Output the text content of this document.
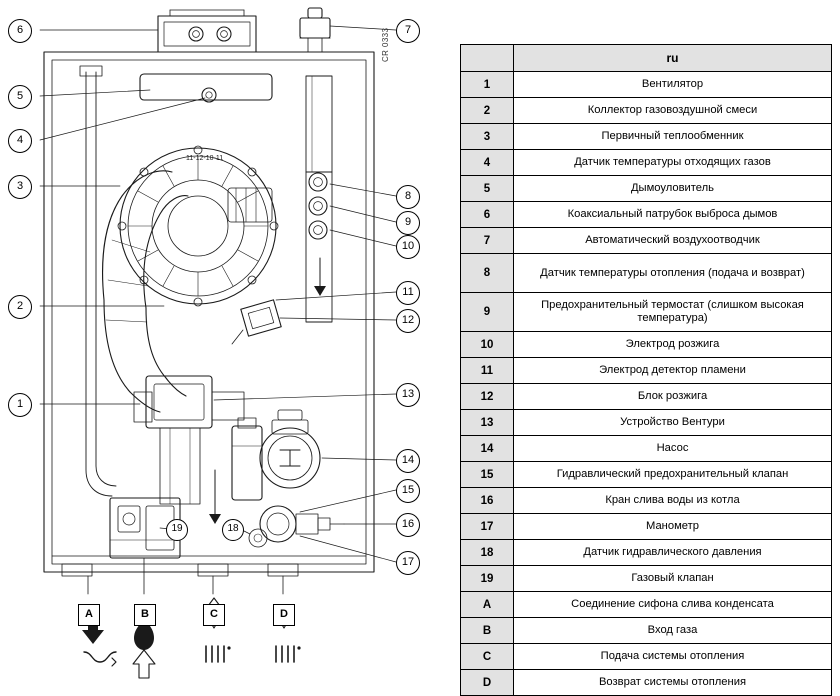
11-12-10-11
CR 0333
6
5
4
3
2
1
7
8
9
10
11
12
13
14
15
16
17
19	18
A	B	C	D
	ru
1	Вентилятор
2	Коллектор газовоздушной смеси
3	Первичный теплообменник
4	Датчик температуры отходящих газов
5	Дымоуловитель
6	Коаксиальный патрубок выброса дымов
7	Автоматический воздухоотводчик
8	Датчик температуры отопления (подача и возврат)
9	Предохранительный термостат (слишком высокая температура)
10	Электрод розжига
11	Электрод детектор пламени
12	Блок розжига
13	Устройство Вентури
14	Насос
15	Гидравлический предохранительный клапан
16	Кран слива воды из котла
17	Манометр
18	Датчик гидравлического давления
19	Газовый клапан
A	Соединение сифона слива конденсата
B	Вход газа
C	Подача системы отопления
D	Возврат системы отопления
